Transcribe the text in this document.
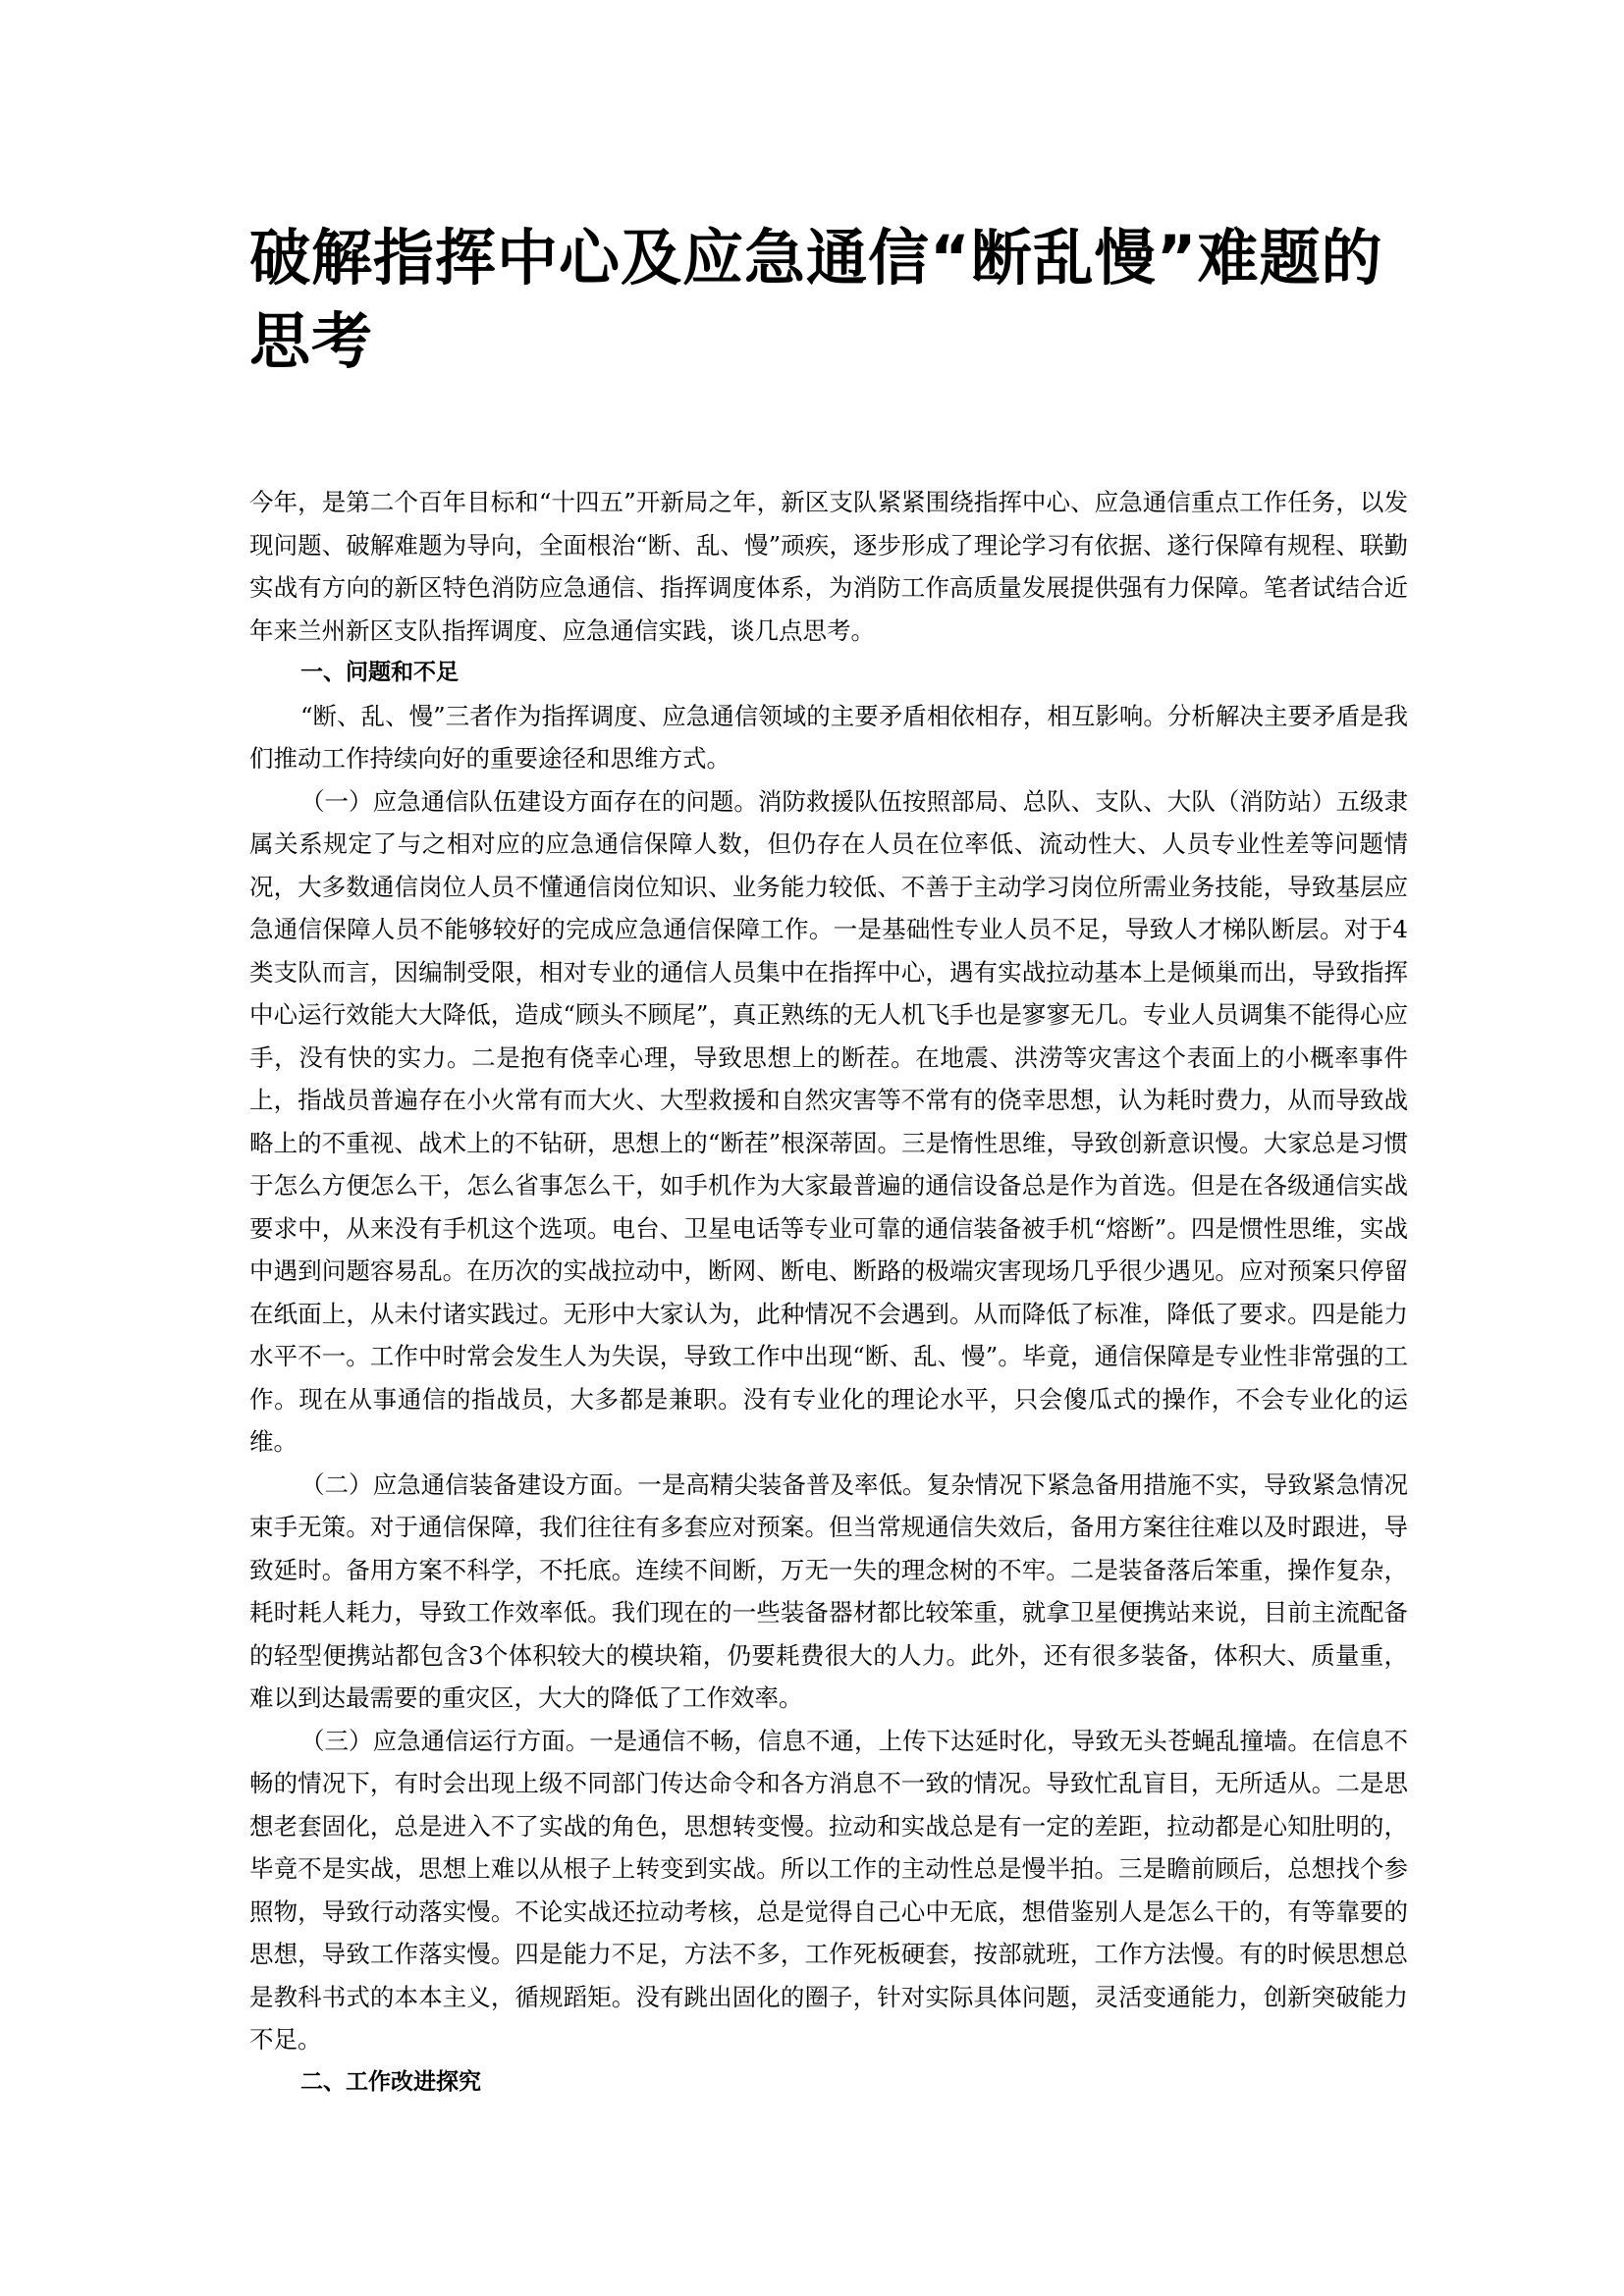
破解指挥中心及应急通信“断乱慢”难题的思考

今年，是第二个百年目标和“十四五”开新局之年，新区支队紧紧围绕指挥中心、应急通信重点工作任务，以发现问题、破解难题为导向，全面根治“断、乱、慢”顽疾，逐步形成了理论学习有依据、遂行保障有规程、联勤实战有方向的新区特色消防应急通信、指挥调度体系，为消防工作高质量发展提供强有力保障。笔者试结合近年来兰州新区支队指挥调度、应急通信实践，谈几点思考。

一、问题和不足

“断、乱、慢”三者作为指挥调度、应急通信领域的主要矛盾相依相存，相互影响。分析解决主要矛盾是我们推动工作持续向好的重要途径和思维方式。

（一）应急通信队伍建设方面存在的问题。消防救援队伍按照部局、总队、支队、大队（消防站）五级隶属关系规定了与之相对应的应急通信保障人数，但仍存在人员在位率低、流动性大、人员专业性差等问题情况，大多数通信岗位人员不懂通信岗位知识、业务能力较低、不善于主动学习岗位所需业务技能，导致基层应急通信保障人员不能够较好的完成应急通信保障工作。一是基础性专业人员不足，导致人才梯队断层。对于4类支队而言，因编制受限，相对专业的通信人员集中在指挥中心，遇有实战拉动基本上是倾巢而出，导致指挥中心运行效能大大降低，造成“顾头不顾尾”，真正熟练的无人机飞手也是寥寥无几。专业人员调集不能得心应手，没有快的实力。二是抱有侥幸心理，导致思想上的断茬。在地震、洪涝等灾害这个表面上的小概率事件上，指战员普遍存在小火常有而大火、大型救援和自然灾害等不常有的侥幸思想，认为耗时费力，从而导致战略上的不重视、战术上的不钻研，思想上的“断茬”根深蒂固。三是惰性思维，导致创新意识慢。大家总是习惯于怎么方便怎么干，怎么省事怎么干，如手机作为大家最普遍的通信设备总是作为首选。但是在各级通信实战要求中，从来没有手机这个选项。电台、卫星电话等专业可靠的通信装备被手机“熔断”。四是惯性思维，实战中遇到问题容易乱。在历次的实战拉动中，断网、断电、断路的极端灾害现场几乎很少遇见。应对预案只停留在纸面上，从未付诸实践过。无形中大家认为，此种情况不会遇到。从而降低了标准，降低了要求。四是能力水平不一。工作中时常会发生人为失误，导致工作中出现“断、乱、慢”。毕竟，通信保障是专业性非常强的工作。现在从事通信的指战员，大多都是兼职。没有专业化的理论水平，只会傻瓜式的操作，不会专业化的运维。

（二）应急通信装备建设方面。一是高精尖装备普及率低。复杂情况下紧急备用措施不实，导致紧急情况束手无策。对于通信保障，我们往往有多套应对预案。但当常规通信失效后，备用方案往往难以及时跟进，导致延时。备用方案不科学，不托底。连续不间断，万无一失的理念树的不牢。二是装备落后笨重，操作复杂，耗时耗人耗力，导致工作效率低。我们现在的一些装备器材都比较笨重，就拿卫星便携站来说，目前主流配备的轻型便携站都包含3个体积较大的模块箱，仍要耗费很大的人力。此外，还有很多装备，体积大、质量重，难以到达最需要的重灾区，大大的降低了工作效率。

（三）应急通信运行方面。一是通信不畅，信息不通，上传下达延时化，导致无头苍蝇乱撞墙。在信息不畅的情况下，有时会出现上级不同部门传达命令和各方消息不一致的情况。导致忙乱盲目，无所适从。二是思想老套固化，总是进入不了实战的角色，思想转变慢。拉动和实战总是有一定的差距，拉动都是心知肚明的，毕竟不是实战，思想上难以从根子上转变到实战。所以工作的主动性总是慢半拍。三是瞻前顾后，总想找个参照物，导致行动落实慢。不论实战还拉动考核，总是觉得自己心中无底，想借鉴别人是怎么干的，有等靠要的思想，导致工作落实慢。四是能力不足，方法不多，工作死板硬套，按部就班，工作方法慢。有的时候思想总是教科书式的本本主义，循规蹈矩。没有跳出固化的圈子，针对实际具体问题，灵活变通能力，创新突破能力不足。

二、工作改进探究
